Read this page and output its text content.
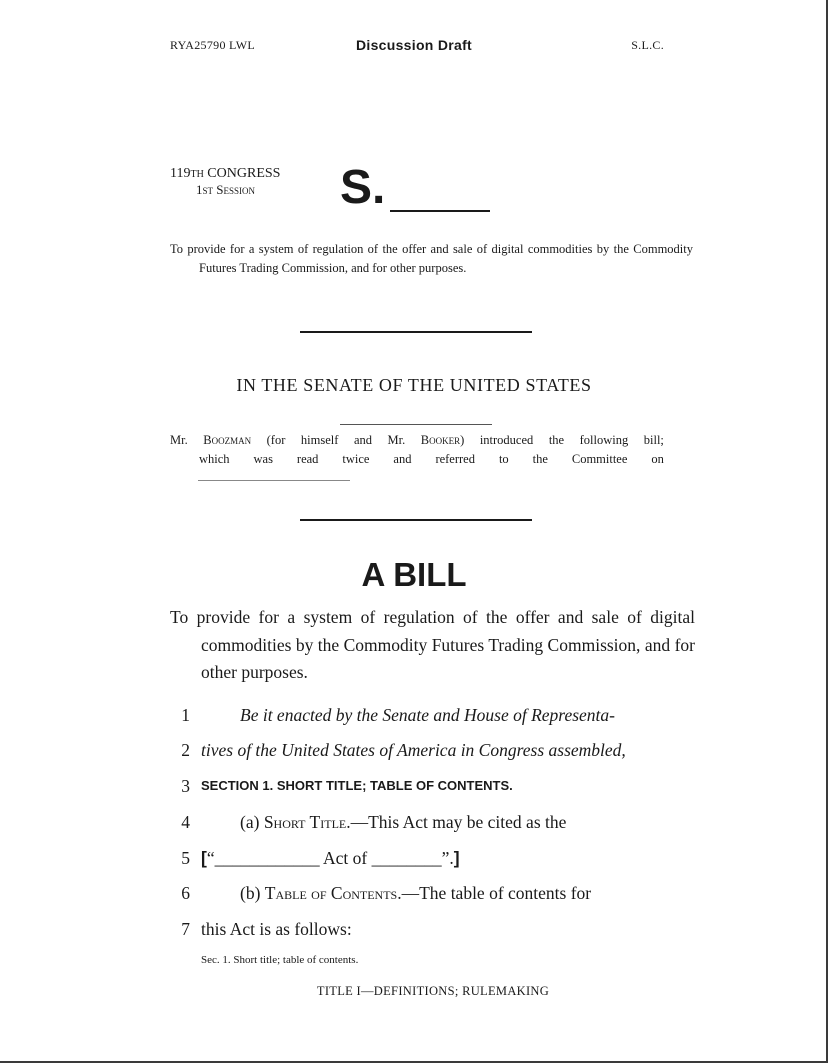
RYA25790 LWL	Discussion Draft	S.L.C.
119th CONGRESS
1st Session	S.
To provide for a system of regulation of the offer and sale of digital commodities by the Commodity Futures Trading Commission, and for other purposes.
IN THE SENATE OF THE UNITED STATES
Mr. Boozman (for himself and Mr. Booker) introduced the following bill;
which was read twice and referred to the Committee on
A BILL
To provide for a system of regulation of the offer and sale of digital commodities by the Commodity Futures Trading Commission, and for other purposes.
1	Be it enacted by the Senate and House of Representa-
2 tives of the United States of America in Congress assembled,
3 SECTION 1. SHORT TITLE; TABLE OF CONTENTS.
4	(a) Short Title.—This Act may be cited as the
5 [“____________ Act of ________”.]
6	(b) Table of Contents.—The table of contents for
7 this Act is as follows:
Sec. 1. Short title; table of contents.
TITLE I—DEFINITIONS; RULEMAKING
